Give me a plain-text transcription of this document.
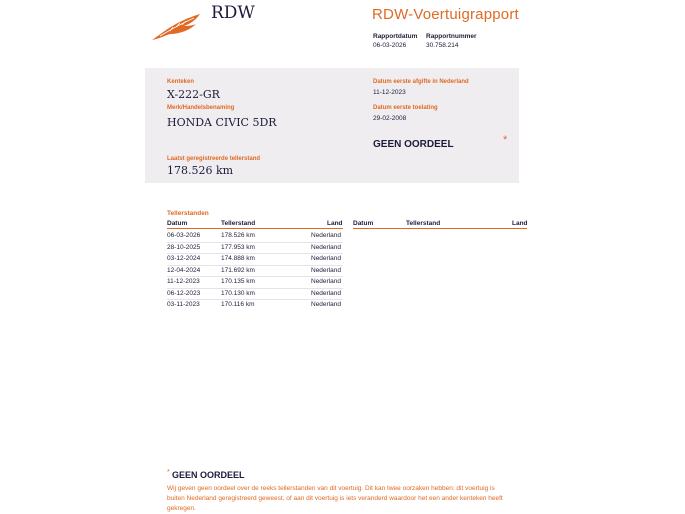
RDW	RDW-Voertuigrapport
Rapportdatum
06-03-2026
Rapportnummer
30.758.214
Kenteken
X-222-GR
Merk/Handelsbenaming
HONDA CIVIC 5DR
Laatst geregistreerde tellerstand
178.526 km
Datum eerste afgifte in Nederland
11-12-2023
Datum eerste toelating
29-02-2008
GEEN OORDEEL	*
Tellerstanden
Datum	Tellerstand	Land Datum	Tellerstand	Land
06-03-2026	178.526 km	Nederland
28-10-2025	177.953 km	Nederland
03-12-2024	174.888 km	Nederland
12-04-2024	171.692 km	Nederland
11-12-2023	170.135 km	Nederland
06-12-2023	170.130 km	Nederland
03-11-2023	170.116 km	Nederland
* GEEN OORDEEL
Wij geven geen oordeel over de reeks tellerstanden van dit voertuig. Dit kan twee oorzaken hebben: dit voertuig is buiten Nederland geregistreerd geweest, of aan dit voertuig is iets veranderd waardoor het een ander kenteken heeft gekregen.
